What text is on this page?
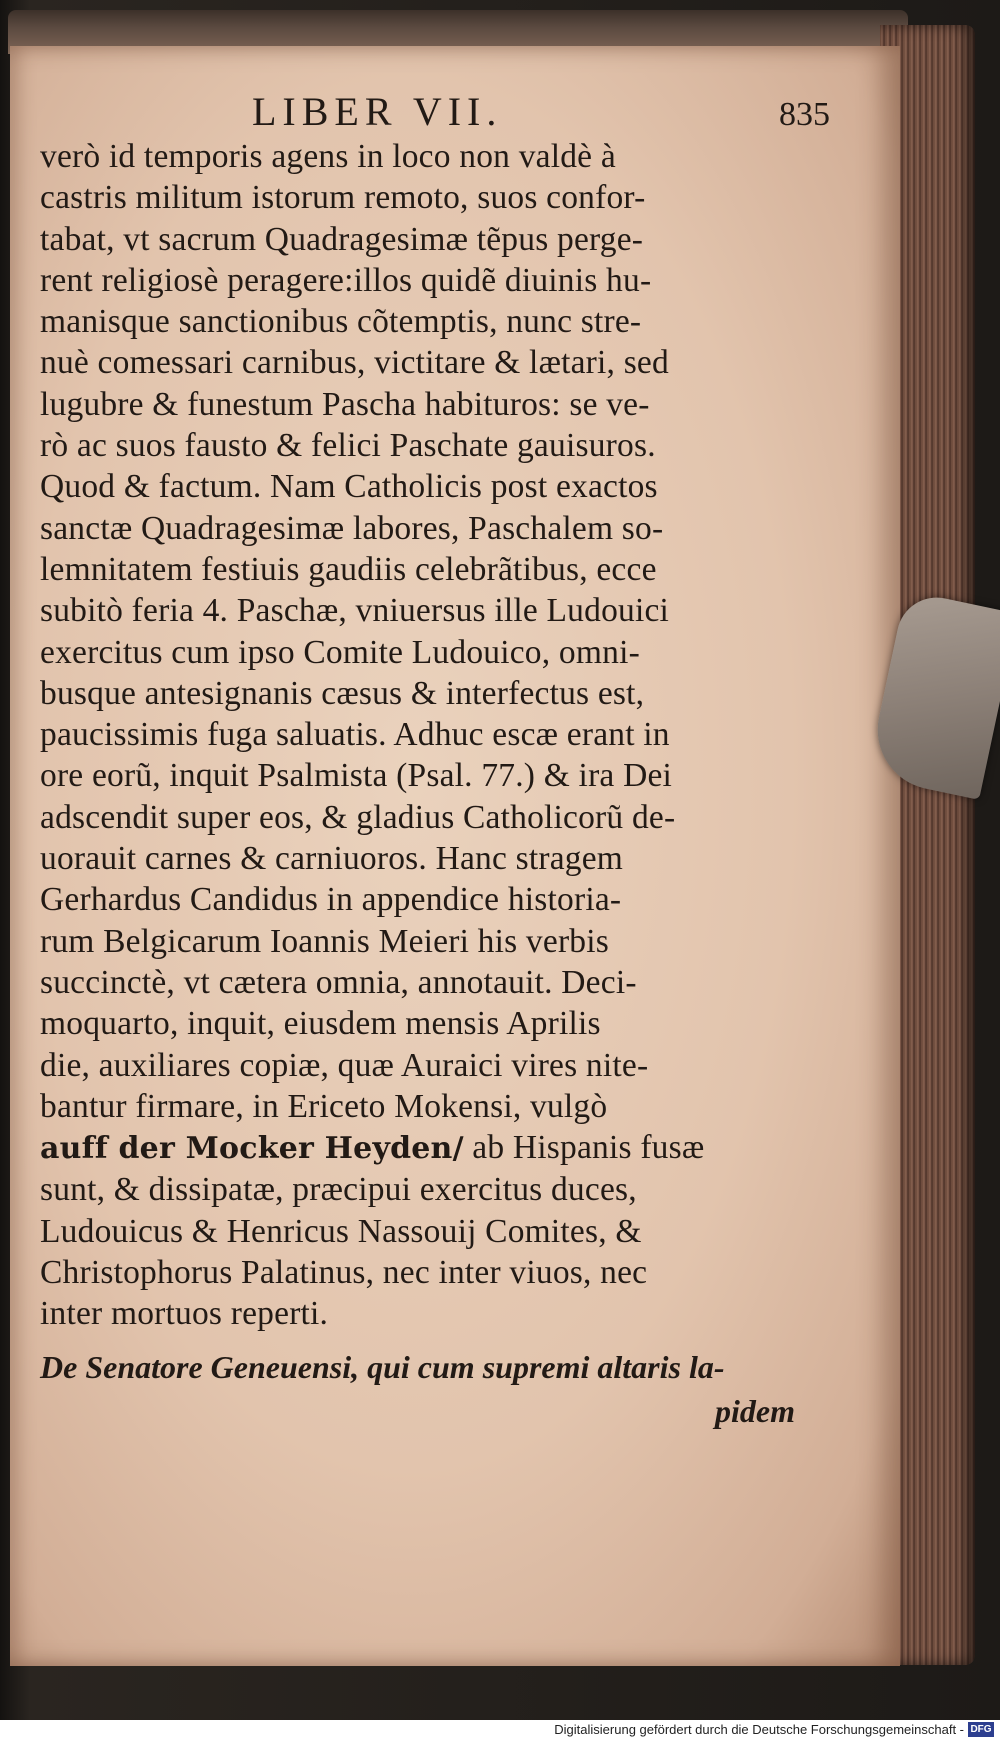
LIBER VII.	835
verò id temporis agens in loco non valdè à
castris militum istorum remoto, suos confor-
tabat, vt sacrum Quadragesimæ tẽpus perge-
rent religiosè peragere:illos quidẽ diuinis hu-
manisque sanctionibus cõtemptis, nunc stre-
nuè comessari carnibus, victitare & lætari, sed
lugubre & funestum Pascha habituros: se ve-
rò ac suos fausto & felici Paschate gauisuros.
Quod & factum. Nam Catholicis post exactos
sanctæ Quadragesimæ labores, Paschalem so-
lemnitatem festiuis gaudiis celebrãtibus, ecce
subitò feria 4. Paschæ, vniuersus ille Ludouici
exercitus cum ipso Comite Ludouico, omni-
busque antesignanis cæsus & interfectus est,
paucissimis fuga saluatis. Adhuc escæ erant in
ore eorũ, inquit Psalmista (Psal. 77.) & ira Dei
adscendit super eos, & gladius Catholicorũ de-
uorauit carnes & carniuoros. Hanc stragem
Gerhardus Candidus in appendice historia-
rum Belgicarum Ioannis Meieri his verbis
succinctè, vt cætera omnia, annotauit. Deci-
moquarto, inquit, eiusdem mensis Aprilis
die, auxiliares copiæ, quæ Auraici vires nite-
bantur firmare, in Ericeto Mokensi, vulgò
auff der Mocker Heyden/ ab Hispanis fusæ
sunt, & dissipatæ, præcipui exercitus duces,
Ludouicus & Henricus Nassouij Comites, &
Christophorus Palatinus, nec inter viuos, nec
inter mortuos reperti.
De Senatore Geneuensi, qui cum supremi altaris la-
pidem
Digitalisierung gefördert durch die Deutsche Forschungsgemeinschaft - DFG
